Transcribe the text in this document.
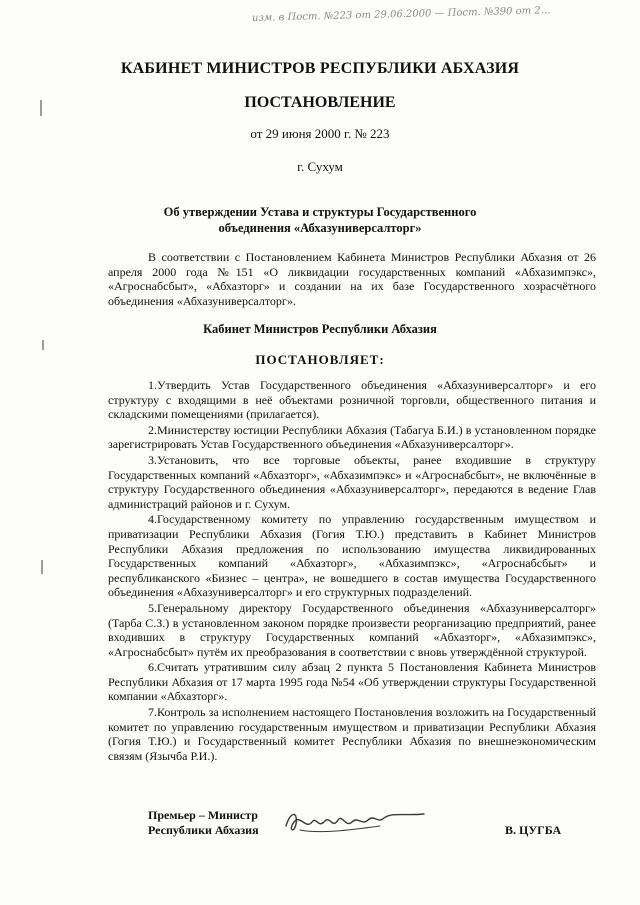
изм. в Пост. №223 от 29.06.2000 — Пост. №390 от 2…
КАБИНЕТ МИНИСТРОВ РЕСПУБЛИКИ АБХАЗИЯ
ПОСТАНОВЛЕНИЕ
от 29 июня 2000 г. № 223
г. Сухум
Об утверждении Устава и структуры Государственного
объединения «Абхазуниверсалторг»

В соответствии с Постановлением Кабинета Министров Республики Абхазия от 26 апреля 2000 года №151 «О ликвидации государственных компаний «Абхазимпэкс», «Агроснабсбыт», «Абхазторг» и создании на их базе Государственного хозрасчётного объединения «Абхазуниверсалторг».

Кабинет Министров Республики Абхазия
ПОСТАНОВЛЯЕТ:

1.Утвердить Устав Государственного объединения «Абхазуниверсалторг» и его структуру с входящими в неё объектами розничной торговли, общественного питания и складскими помещениями (прилагается).

2.Министерству юстиции Республики Абхазия (Табагуа Б.И.) в установленном порядке зарегистрировать Устав Государственного объединения «Абхазуниверсалторг».

3.Установить, что все торговые объекты, ранее входившие в структуру Государственных компаний «Абхазторг», «Абхазимпэкс» и «Агроснабсбыт», не включённые в структуру Государственного объединения «Абхазуниверсалторг», передаются в ведение Глав администраций районов и г. Сухум.

4.Государственному комитету по управлению государственным имуществом и приватизации Республики Абхазия (Гогия Т.Ю.) представить в Кабинет Министров Республики Абхазия предложения по использованию имущества ликвидированных Государственных компаний «Абхазторг», «Абхазимпэкс», «Агроснабсбыт» и республиканского «Бизнес – центра», не вошедшего в состав имущества Государственного объединения «Абхазуниверсалторг» и его структурных подразделений.

5.Генеральному директору Государственного объединения «Абхазуниверсалторг» (Тарба С.З.) в установленном законом порядке произвести реорганизацию предприятий, ранее входивших в структуру Государственных компаний «Абхазторг», «Абхазимпэкс», «Агроснабсбыт» путём их преобразования в соответствии с вновь утверждённой структурой.

6.Считать утратившим силу абзац 2 пункта 5 Постановления Кабинета Министров Республики Абхазия от 17 марта 1995 года №54 «Об утверждении структуры Государственной компании «Абхазторг».

7.Контроль за исполнением настоящего Постановления возложить на Государственный комитет по управлению государственным имуществом и приватизации Республики Абхазия (Гогия Т.Ю.) и Государственный комитет Республики Абхазия по внешнеэкономическим связям (Язычба Р.И.).

Премьер – Министр
Республики Абхазия	В. ЦУГБА
